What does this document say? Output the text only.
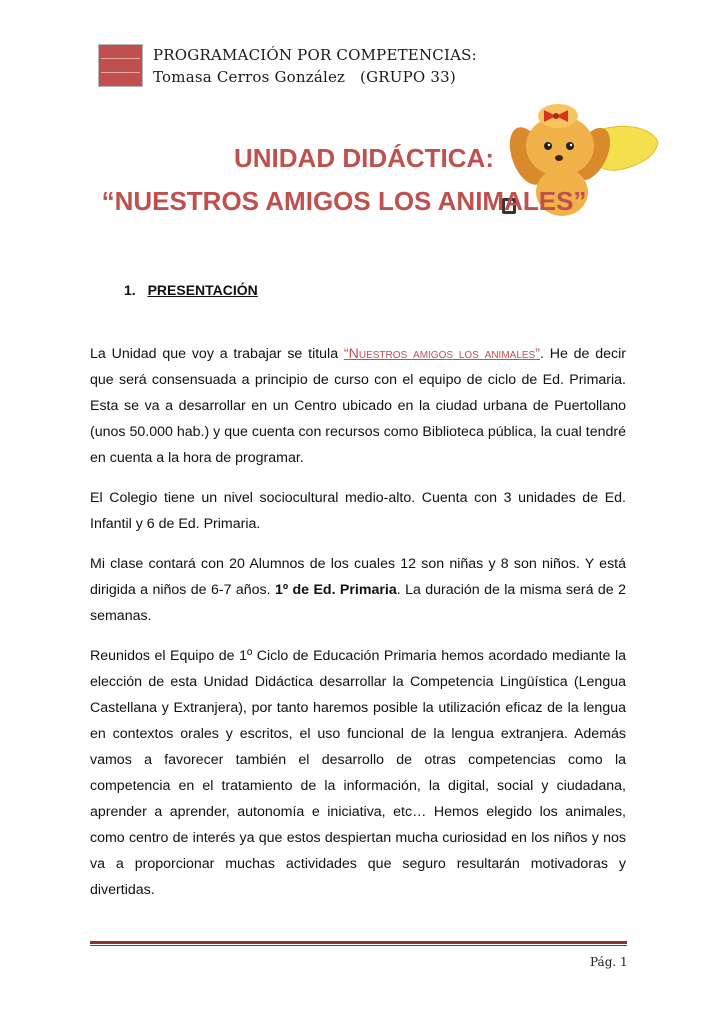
PROGRAMACIÓN POR COMPETENCIAS:
Tomasa Cerros González   (GRUPO 33)
UNIDAD DIDÁCTICA:
“NUESTROS AMIGOS LOS ANIMALES”
1. PRESENTACIÓN

La Unidad que voy a trabajar se titula “Nuestros amigos los animales”. He de decir que será consensuada a principio de curso con el equipo de ciclo de Ed. Primaria. Esta se va a desarrollar en un Centro ubicado en la ciudad urbana de Puertollano (unos 50.000 hab.) y que cuenta con recursos como Biblioteca pública, la cual tendré en cuenta a la hora de programar.

El Colegio tiene un nivel sociocultural medio-alto. Cuenta con 3 unidades de Ed. Infantil y 6 de Ed. Primaria.

Mi clase contará con 20 Alumnos de los cuales 12 son niñas y 8 son niños. Y está dirigida a niños de 6-7 años. 1º de Ed. Primaria. La duración de la misma será de 2 semanas.

Reunidos el Equipo de 1º Ciclo de Educación Primaria hemos acordado mediante la elección de esta Unidad Didáctica desarrollar la Competencia Lingüística (Lengua Castellana y Extranjera), por tanto haremos posible la utilización eficaz de la lengua en contextos orales y escritos, el uso funcional de la lengua extranjera. Además vamos a favorecer también el desarrollo de otras competencias como la competencia en el tratamiento de la información, la digital, social y ciudadana, aprender a aprender, autonomía e iniciativa, etc… Hemos elegido los animales, como centro de interés ya que estos despiertan mucha curiosidad en los niños y nos va a proporcionar muchas actividades que seguro resultarán motivadoras y divertidas.

Pág. 1
